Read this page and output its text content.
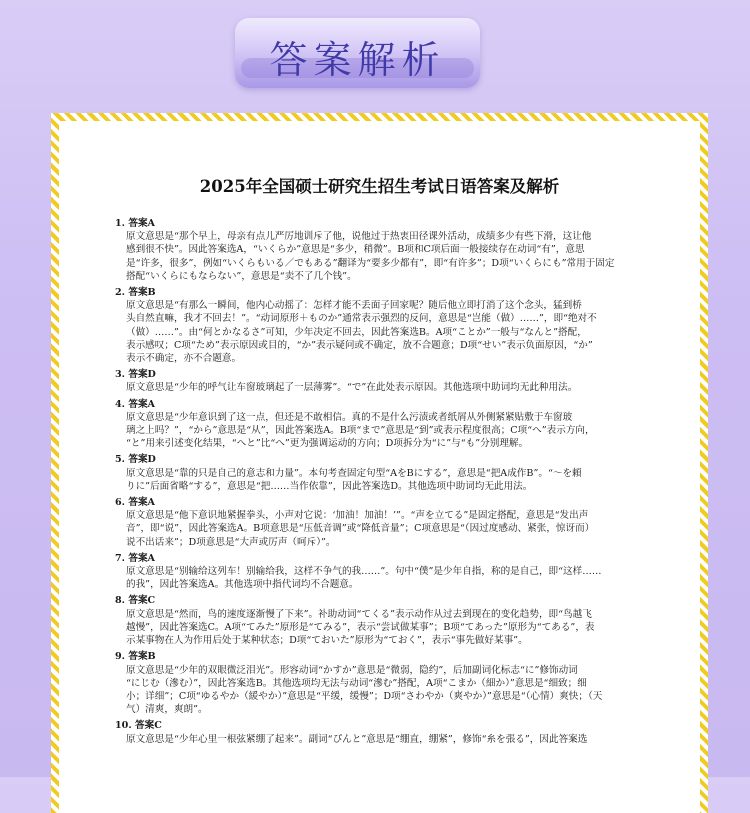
答案解析
2025年全国硕士研究生招生考试日语答案及解析
1. 答案A
原文意思是“那个早上，母亲有点儿严厉地训斥了他，说他过于热衷田径课外活动，成绩多少有些下滑，这让他
感到很不快”。因此答案选A，“いくらか”意思是“多少，稍微”。B项和C项后面一般接续存在动词“有”，意思
是“许多，很多”，例如“いくらもいる／でもある”翻译为“要多少都有”，即“有许多”；D项“いくらにも”常用于固定
搭配“いくらにもならない”，意思是“卖不了几个钱”。
2. 答案B
原文意思是“有那么一瞬间，他内心动摇了：怎样才能不丢面子回家呢？随后他立即打消了这个念头，猛到桥
头自然直嘛，我才不回去！”。“动词原形＋ものか”通常表示强烈的反问，意思是“岂能（做）……”，即“绝对不
（做）……”。由“何とかなるさ”可知，少年决定不回去，因此答案选B。A项“ことか”一般与“なんと”搭配，
表示感叹；C项“ため”表示原因或目的，“か”表示疑问或不确定，放不合题意；D项“せい”表示负面原因，“か”
表示不确定，亦不合题意。
3. 答案D
原文意思是“少年的呼气让车窗玻璃起了一层薄雾”。“で”在此处表示原因。其他选项中助词均无此种用法。
4. 答案A
原文意思是“少年意识到了这一点，但还是不敢相信。真的不是什么污渍或者纸屑从外侧紧紧贴敷于车窗玻
璃之上吗？”，“から”意思是“从”，因此答案选A。B项“まで”意思是“到”或表示程度很高；C项“へ”表示方向，
“と”用来引述变化结果，“へと”比“へ”更为强调运动的方向；D项拆分为“に”与“も”分别理解。
5. 答案D
原文意思是“靠的只是自己的意志和力量”。本句考查固定句型“AをBにする”，意思是“把A成作B”。“～を頼
りに”后面省略“する”，意思是“把……当作依靠”，因此答案选D。其他选项中助词均无此用法。
6. 答案A
原文意思是“他下意识地紧握拳头，小声对它说：‘加油！加油！’”。“声を立てる”是固定搭配，意思是“发出声
音”，即“说”，因此答案选A。B项意思是“压低音调”或“降低音量”；C项意思是“（因过度感动、紧张，惊讶而）
说不出话来”；D项意思是“大声或厉声（呵斥）”。
7. 答案A
原文意思是“别输给这列车！别输给我，这样不争气的我……”。句中“僕”是少年自指，称的是自己，即“这样……
的我”，因此答案选A。其他选项中指代词均不合题意。
8. 答案C
原文意思是“然而，鸟的速度逐渐慢了下来”。补助动词“てくる”表示动作从过去到现在的变化趋势，即“鸟越飞
越慢”，因此答案选C。A项“てみた”原形是“てみる”，表示“尝试做某事”；B项“てあった”原形为“てある”，表
示某事物在人为作用后处于某种状态；D项“ておいた”原形为“ておく”，表示“事先做好某事”。
9. 答案B
原文意思是“少年的双眼微泛泪光”。形容动词“かすか”意思是“微弱，隐约”，后加副词化标志“に”修饰动词
“にじむ（滲む）”，因此答案选B。其他选项均无法与动词“滲む”搭配，A项“こまか（細か）”意思是“细致；细
小；详细”；C项“ゆるやか（緩やか）”意思是“平缓，缓慢”；D项“さわやか（爽やか）”意思是“（心情）爽快；（天
气）清爽，爽朗”。
10. 答案C
原文意思是“少年心里一根弦紧绷了起来”。副词“ぴんと”意思是“绷直，绷紧”，修饰“糸を張る”，因此答案选
